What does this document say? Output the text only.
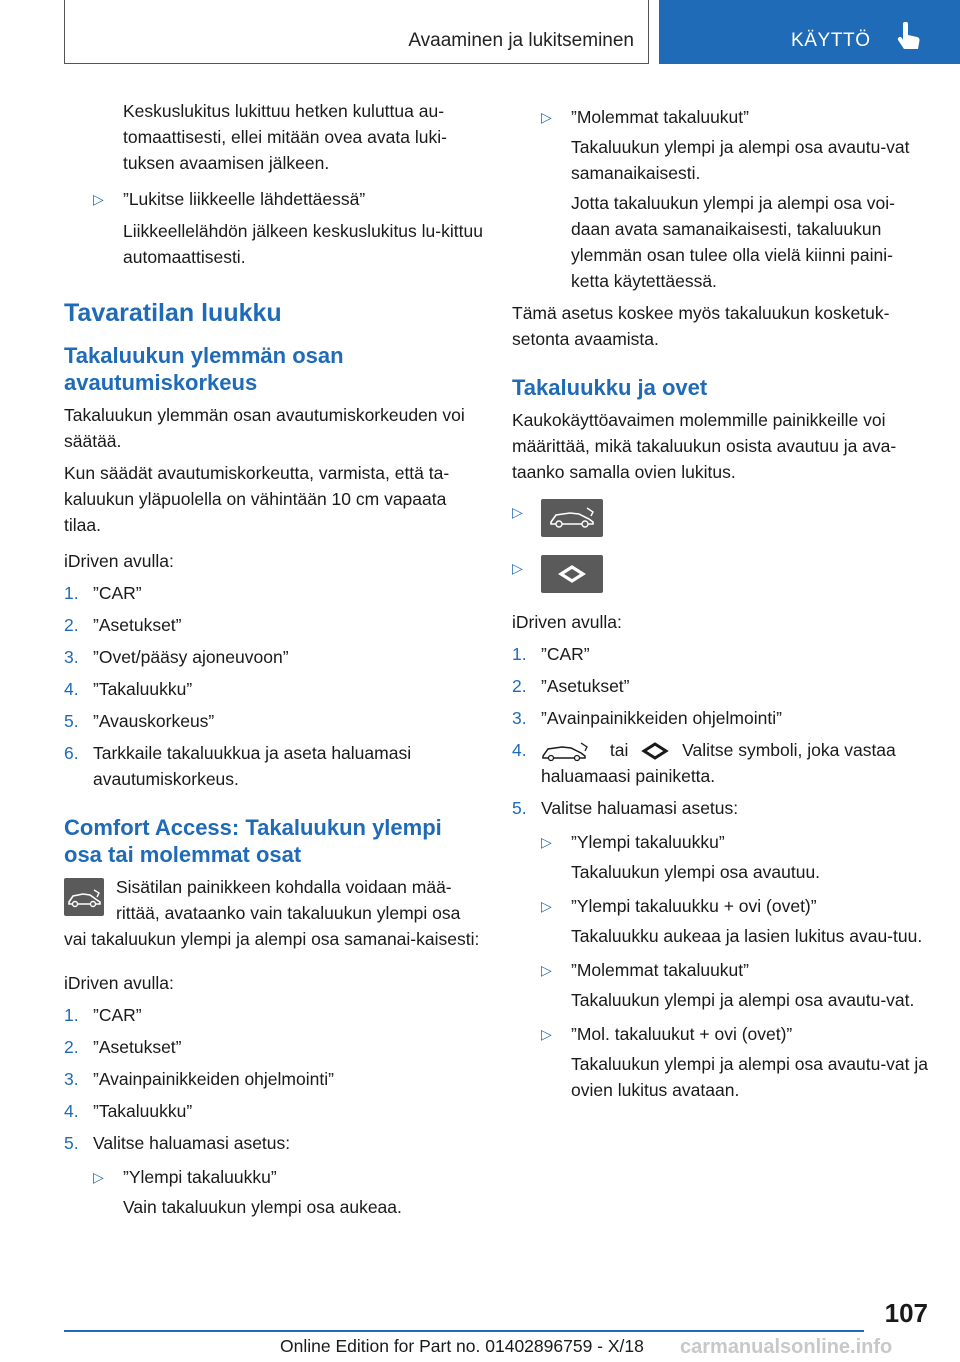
Avaaminen ja lukitseminen	KÄYTTÖ
Keskuslukitus lukittuu hetken kuluttua au-tomaattisesti, ellei mitään ovea avata luki-tuksen avaamisen jälkeen.
▷	”Lukitse liikkeelle lähdettäessä”
Liikkeellelähdön jälkeen keskuslukitus lu-kittuu automaattisesti.
Tavaratilan luukku
Takaluukun ylemmän osan avautumiskorkeus
Takaluukun ylemmän osan avautumiskorkeuden voi säätää.
Kun säädät avautumiskorkeutta, varmista, että ta-kaluukun yläpuolella on vähintään 10 cm vapaata tilaa.
iDriven avulla:
1. ”CAR”
2. ”Asetukset”
3. ”Ovet/pääsy ajoneuvoon”
4. ”Takaluukku”
5. ”Avauskorkeus”
6. Tarkkaile takaluukkua ja aseta haluamasi avautumiskorkeus.
Comfort Access: Takaluukun ylempi osa tai molemmat osat
Sisätilan painikkeen kohdalla voidaan mää-rittää, avataanko vain takaluukun ylempi osa vai takaluukun ylempi ja alempi osa samanai-kaisesti:
iDriven avulla:
1. ”CAR”
2. ”Asetukset”
3. ”Avainpainikkeiden ohjelmointi”
4. ”Takaluukku”
5. Valitse haluamasi asetus:
▷ ”Ylempi takaluukku”
Vain takaluukun ylempi osa aukeaa.
▷ ”Molemmat takaluukut”
Takaluukun ylempi ja alempi osa avautu-vat samanaikaisesti.
Jotta takaluukun ylempi ja alempi osa voi-daan avata samanaikaisesti, takaluukun ylemmän osan tulee olla vielä kiinni paini-ketta käytettäessä.
Tämä asetus koskee myös takaluukun kosketuk-setonta avaamista.
Takaluukku ja ovet
Kaukokäyttöavaimen molemmille painikkeille voi määrittää, mikä takaluukun osista avautuu ja ava-taanko samalla ovien lukitus.
▷
▷
iDriven avulla:
1. ”CAR”
2. ”Asetukset”
3. ”Avainpainikkeiden ohjelmointi”
4.	tai	Valitse symboli, joka vastaa
haluamaasi painiketta.
5. Valitse haluamasi asetus:
▷ ”Ylempi takaluukku”
Takaluukun ylempi osa avautuu.
▷ ”Ylempi takaluukku + ovi (ovet)”
Takaluukku aukeaa ja lasien lukitus avau-tuu.
▷ ”Molemmat takaluukut”
Takaluukun ylempi ja alempi osa avautu-vat.
▷ ”Mol. takaluukut + ovi (ovet)”
Takaluukun ylempi ja alempi osa avautu-vat ja ovien lukitus avataan.
107
Online Edition for Part no. 01402896759 - X/18 carmanualsonline.info
